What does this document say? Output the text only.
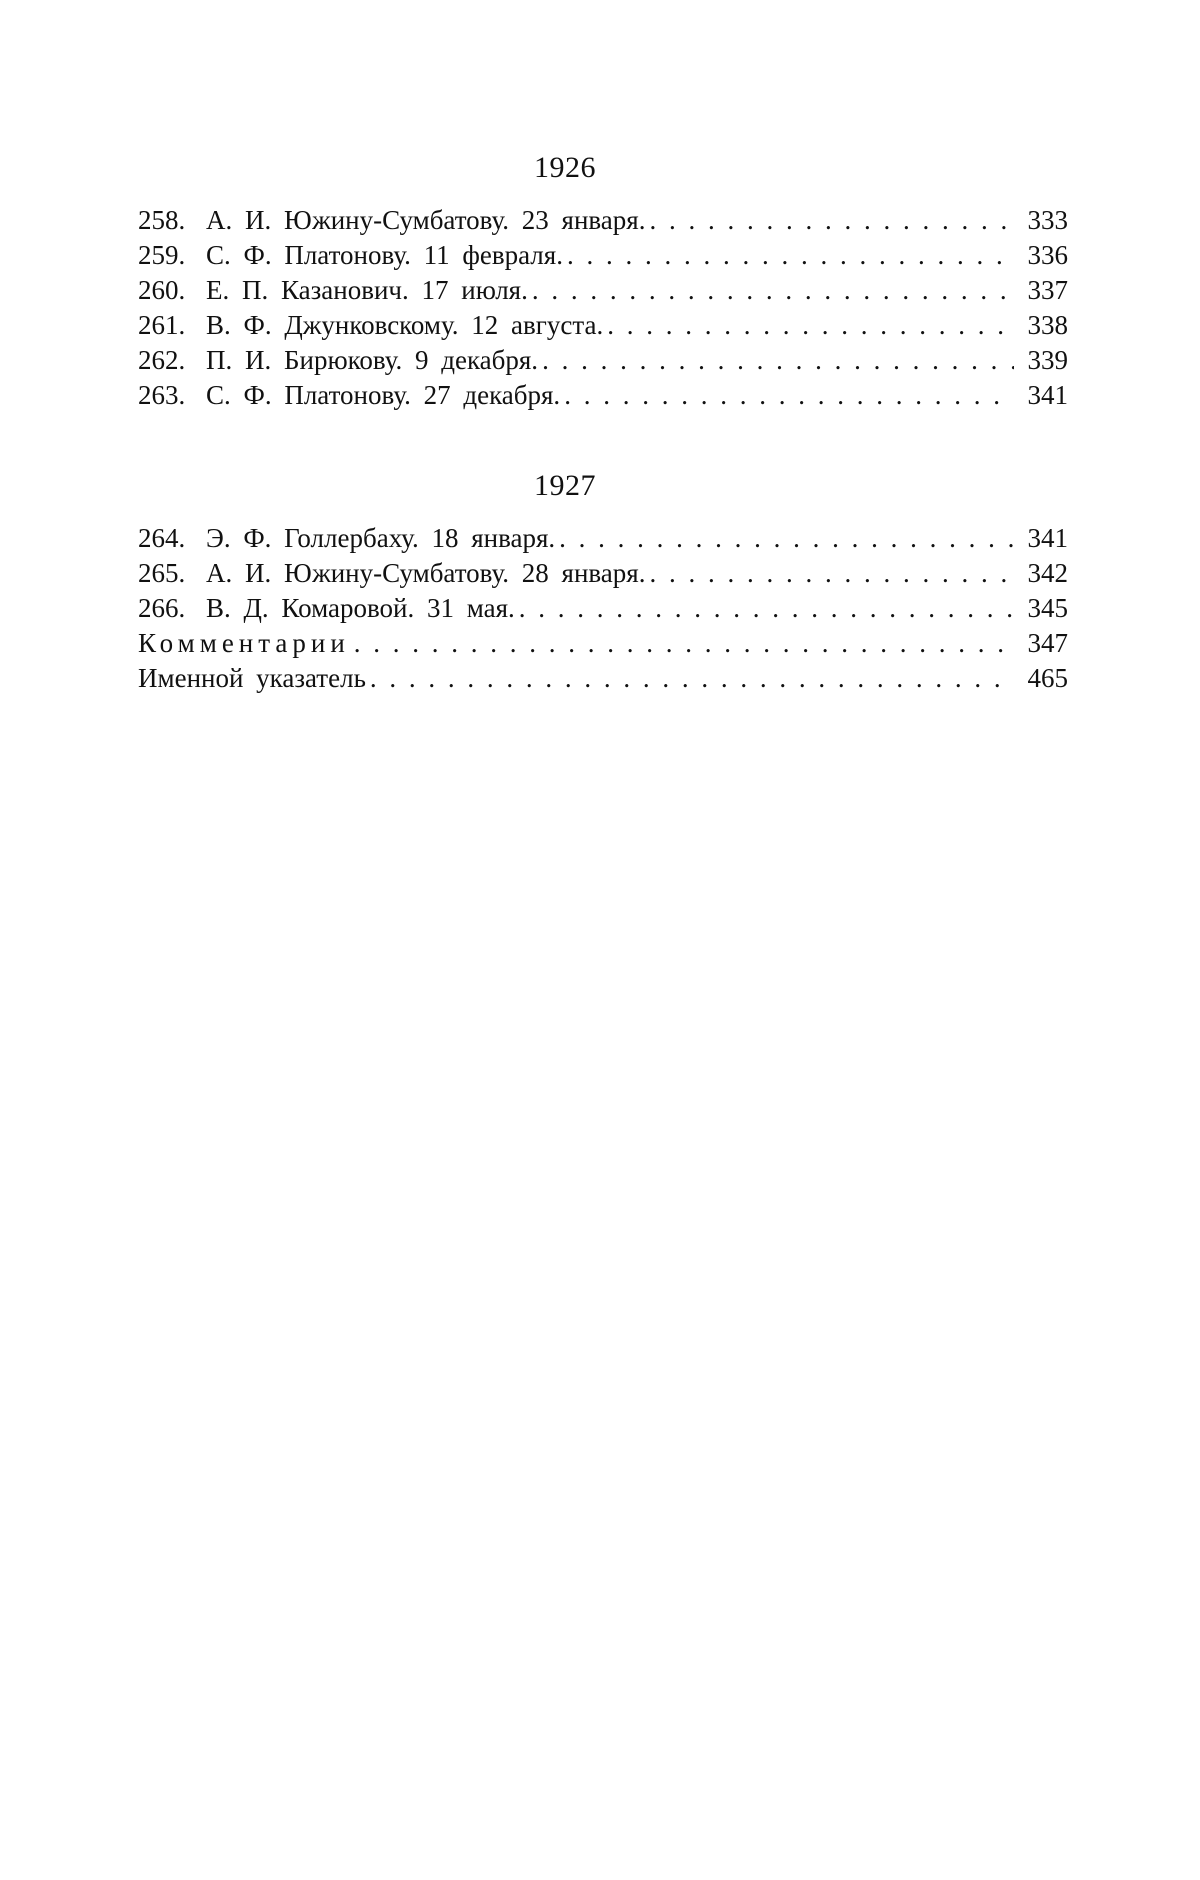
1926
258. А. И. Южину-Сумбатову. 23 января. . . .	333
259. С. Ф. Платонову. 11 февраля. . . .	336
260. Е. П. Казанович. 17 июля. . . .	337
261. В. Ф. Джунковскому. 12 августа. . . .	338
262. П. И. Бирюкову. 9 декабря. . . .	339
263. С. Ф. Платонову. 27 декабря. . . .	341
1927
264. Э. Ф. Голлербаху. 18 января. . . .	341
265. А. И. Южину-Сумбатову. 28 января. . . .	342
266. В. Д. Комаровой. 31 мая. . . .	345
Комментарии . . .	347
Именной указатель . . .	465
